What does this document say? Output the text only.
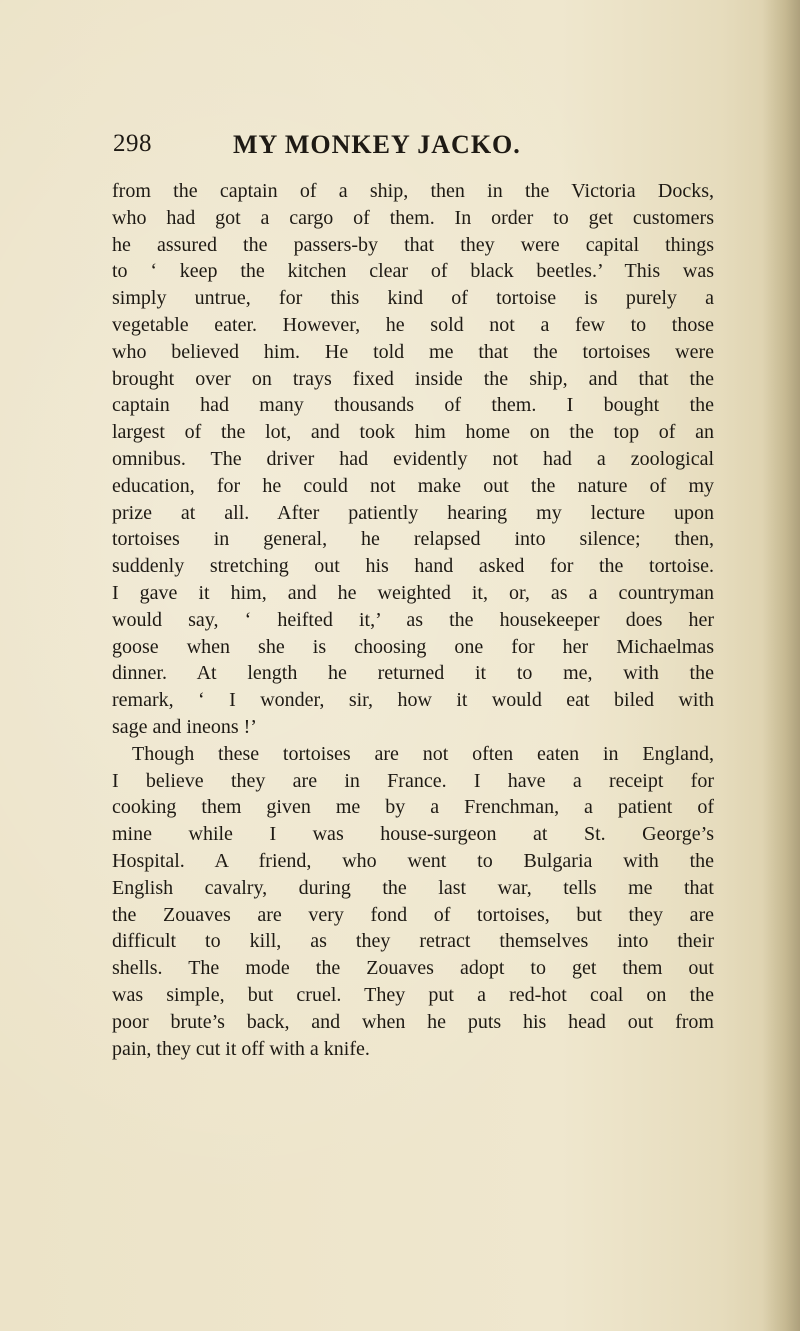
298	MY MONKEY JACKO.
from the captain of a ship, then in the Victoria Docks,
who had got a cargo of them. In order to get customers
he assured the passers-by that they were capital things
to ‘ keep the kitchen clear of black beetles.’ This was
simply untrue, for this kind of tortoise is purely a
vegetable eater. However, he sold not a few to those
who believed him. He told me that the tortoises were
brought over on trays fixed inside the ship, and that the
captain had many thousands of them. I bought the
largest of the lot, and took him home on the top of an
omnibus. The driver had evidently not had a zoological
education, for he could not make out the nature of my
prize at all. After patiently hearing my lecture upon
tortoises in general, he relapsed into silence; then,
suddenly stretching out his hand asked for the tortoise.
I gave it him, and he weighted it, or, as a countryman
would say, ‘ heifted it,’ as the housekeeper does her
goose when she is choosing one for her Michaelmas
dinner. At length he returned it to me, with the
remark, ‘ I wonder, sir, how it would eat biled with
sage and ineons !’
Though these tortoises are not often eaten in England,
I believe they are in France. I have a receipt for
cooking them given me by a Frenchman, a patient of
mine while I was house-surgeon at St. George’s
Hospital. A friend, who went to Bulgaria with the
English cavalry, during the last war, tells me that
the Zouaves are very fond of tortoises, but they are
difficult to kill, as they retract themselves into their
shells. The mode the Zouaves adopt to get them out
was simple, but cruel. They put a red-hot coal on the
poor brute’s back, and when he puts his head out from
pain, they cut it off with a knife.
